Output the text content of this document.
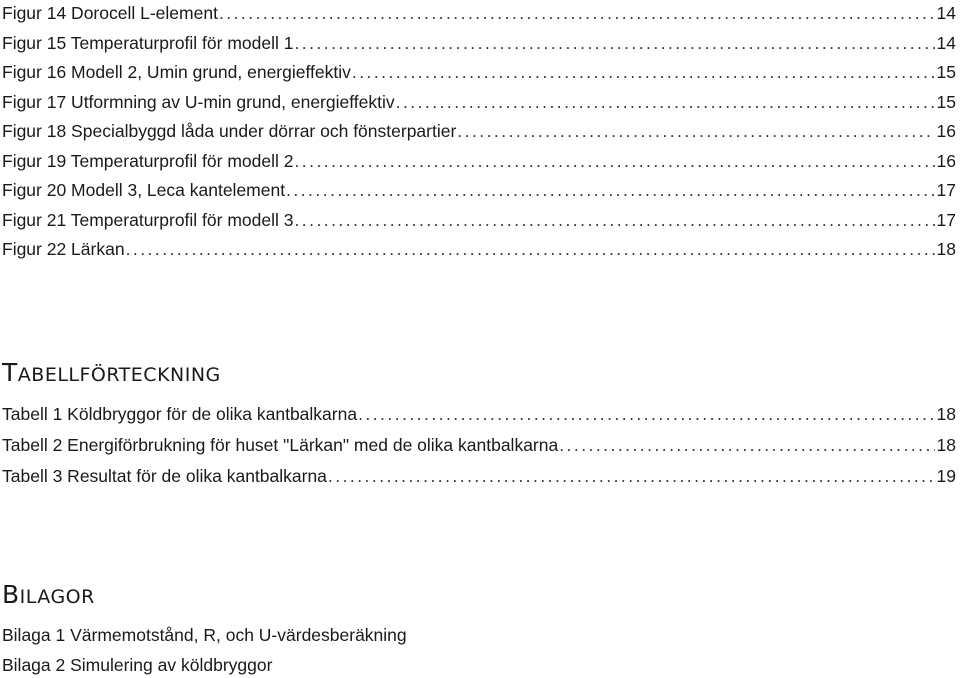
Figur 14 Dorocell L-element . . .	14
Figur 15 Temperaturprofil för modell 1 . . .	14
Figur 16 Modell 2, Umin grund, energieffektiv . . .	15
Figur 17 Utformning av U-min grund, energieffektiv . . .	15
Figur 18 Specialbyggd låda under dörrar och fönsterpartier . . .	16
Figur 19 Temperaturprofil för modell 2 . . .	16
Figur 20 Modell 3, Leca kantelement . . .	17
Figur 21 Temperaturprofil för modell 3 . . .	17
Figur 22 Lärkan . . .	18
TABELLFÖRTECKNING
Tabell 1 Köldbryggor för de olika kantbalkarna . . .	18
Tabell 2 Energiförbrukning för huset "Lärkan" med de olika kantbalkarna . . .	18
Tabell 3 Resultat för de olika kantbalkarna . . .	19
BILAGOR
Bilaga 1 Värmemotstånd, R, och U-värdesberäkning
Bilaga 2 Simulering av köldbryggor
